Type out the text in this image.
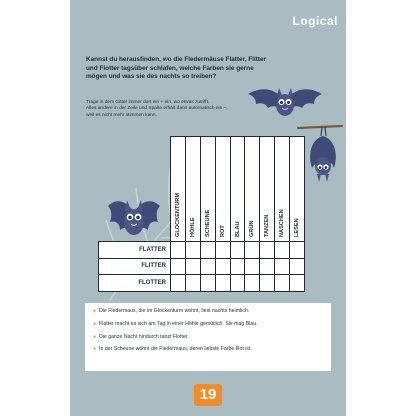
Logical
Kannst du herausfinden, wo die Fledermäuse Flatter, Flitter und Flotter tagsüber schlafen, welche Farben sie gerne mögen und was sie des nachts so treiben?
Trage in dem Gitter immer dort ein + ein, wo etwas zutrifft.
Alles andere in der Zeile und Spalte erhält dann automatisch ein –,
weil es nicht mehr stimmen kann.

	GLOCKENTURM	HÖHLE	SCHEUNE	ROT	BLAU	GRÜN	TANZEN	NASCHEN	LESEN

FLATTER									
FLITTER									
FLOTTER									
● Die Fledermaus, die im Glockenturm wohnt, liest nachts heimlich.
● Flatter macht es sich am Tag in einer Höhle gemütlich. Sie mag Blau.
● Die ganze Nacht hindurch tanzt Flotter.
● In der Scheune wohnt die Fledermaus, deren liebste Farbe Rot ist.
19
